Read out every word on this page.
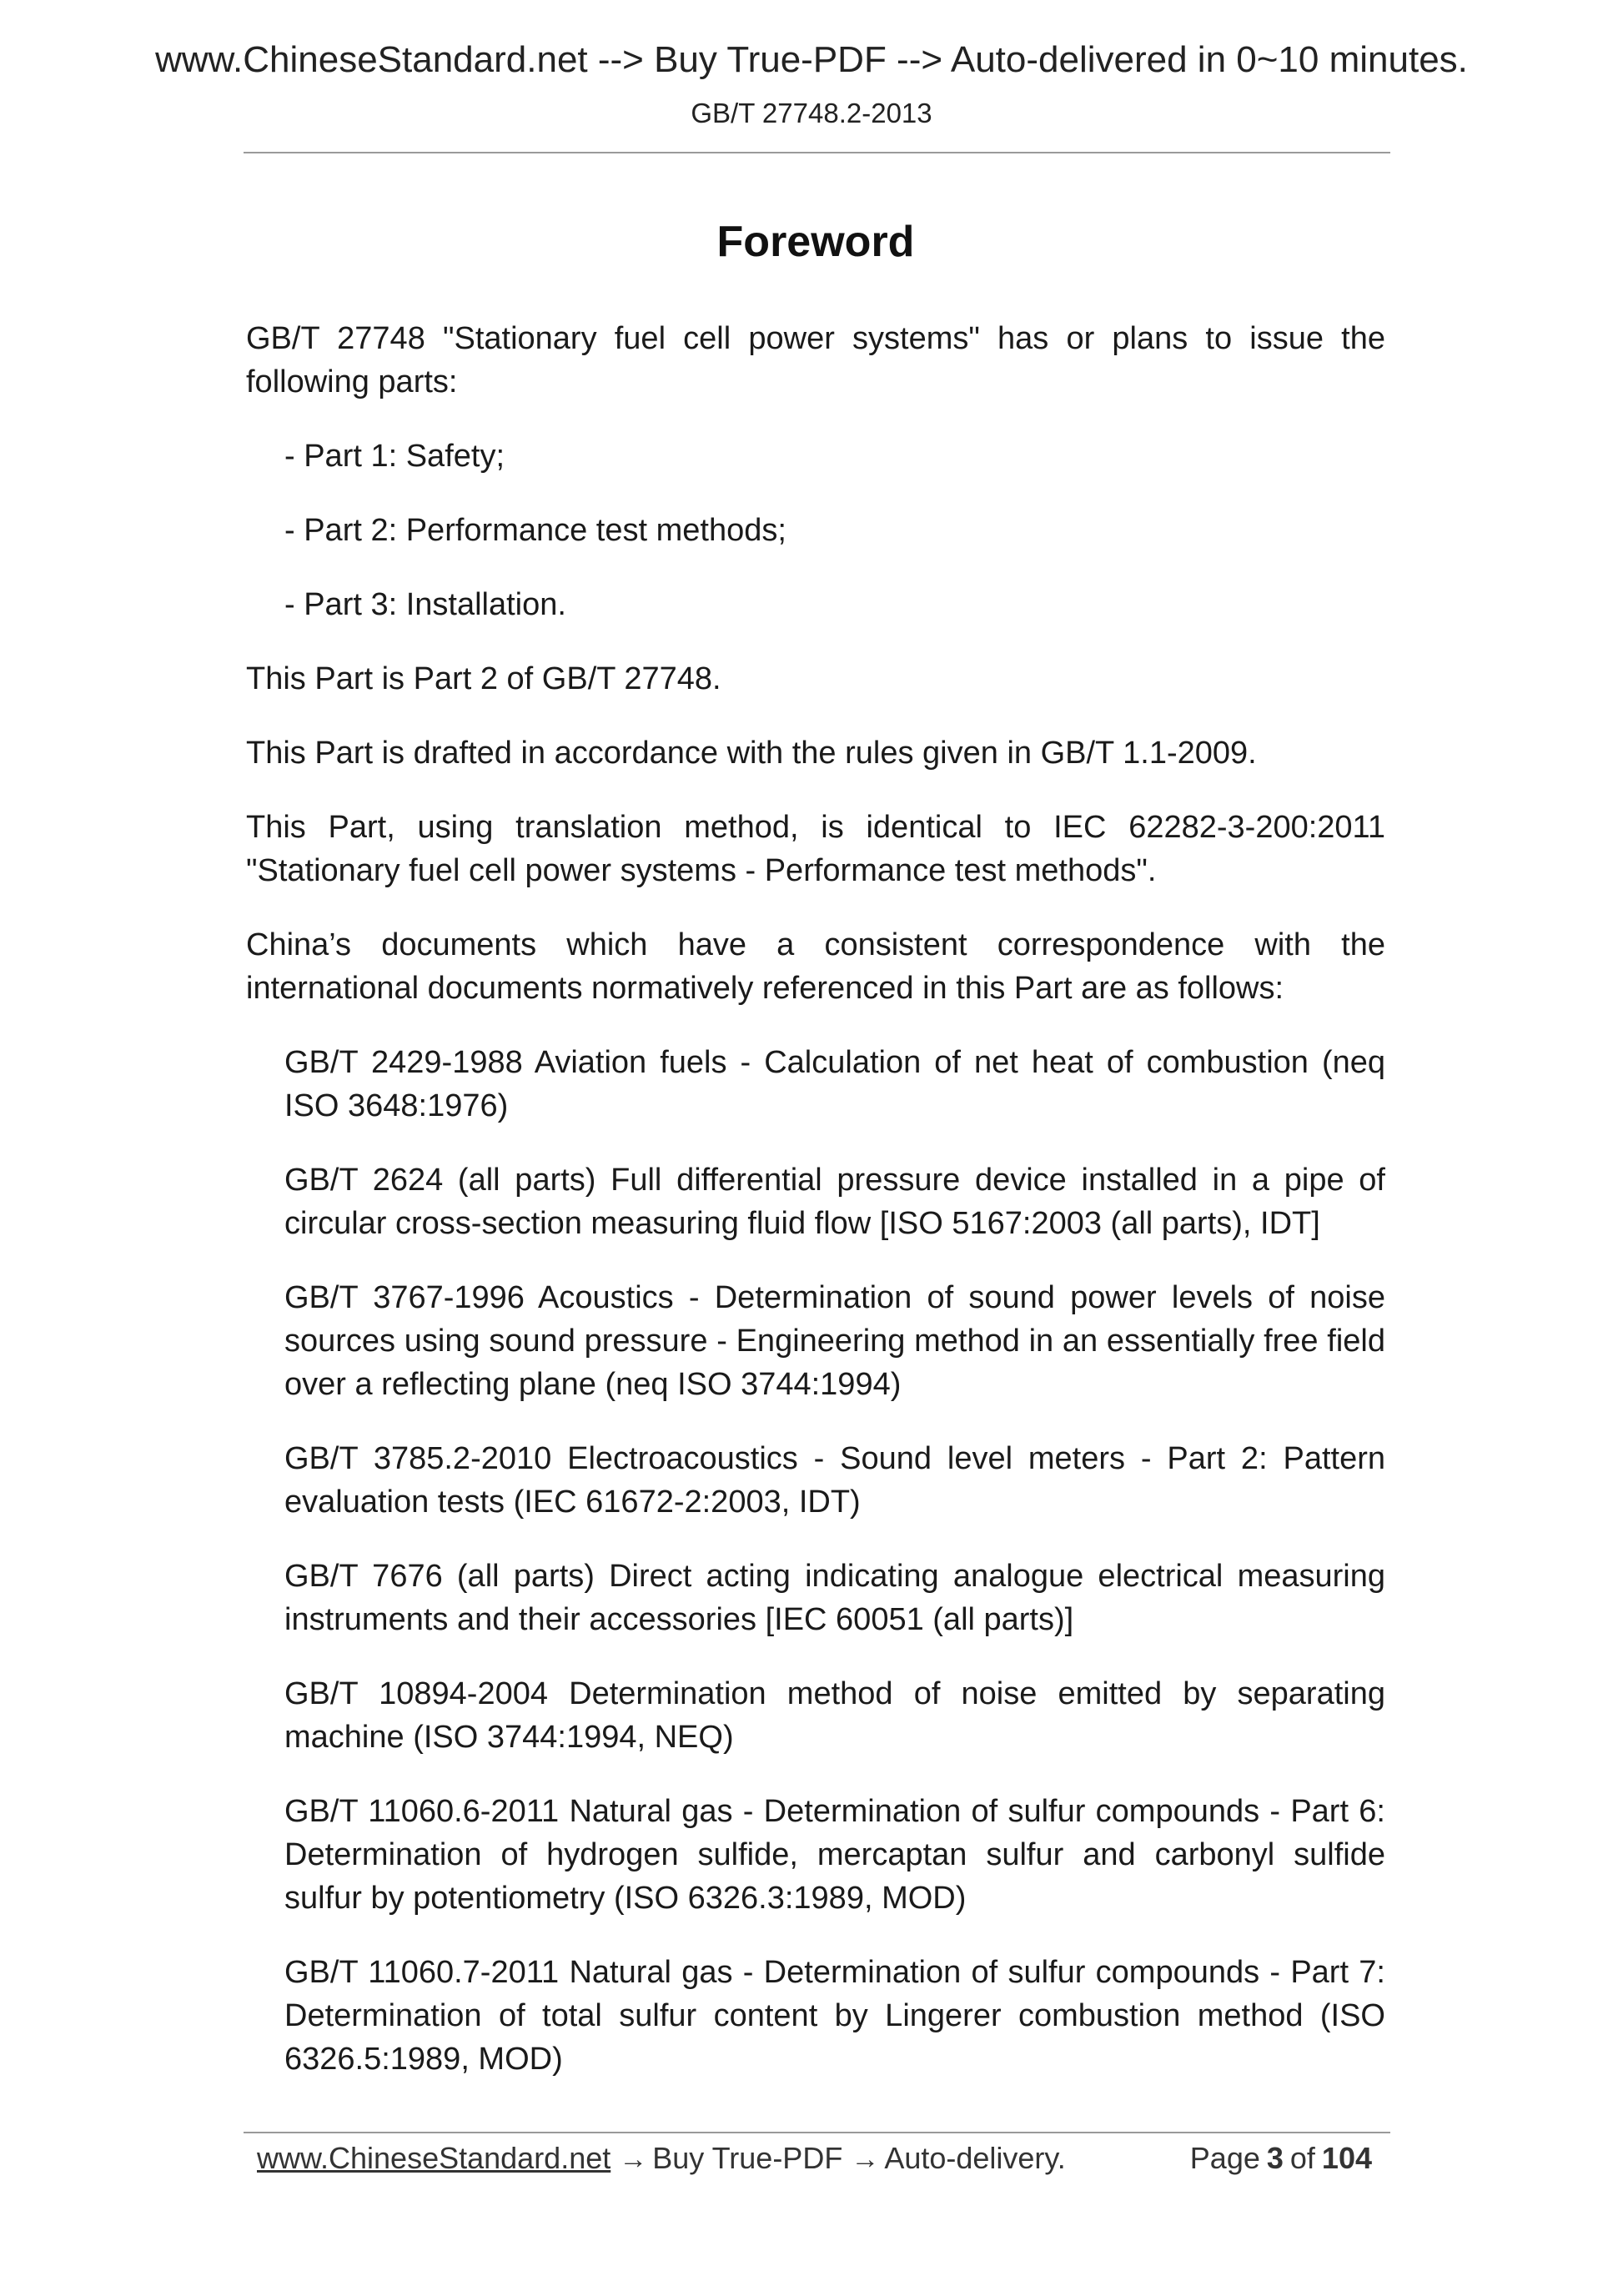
www.ChineseStandard.net --> Buy True-PDF --> Auto-delivered in 0~10 minutes.
GB/T 27748.2-2013
Foreword

GB/T 27748 "Stationary fuel cell power systems" has or plans to issue the following parts:

- Part 1: Safety;

- Part 2: Performance test methods;

- Part 3: Installation.

This Part is Part 2 of GB/T 27748.

This Part is drafted in accordance with the rules given in GB/T 1.1-2009.

This Part, using translation method, is identical to IEC 62282-3-200:2011 "Stationary fuel cell power systems - Performance test methods".

China’s documents which have a consistent correspondence with the international documents normatively referenced in this Part are as follows:

GB/T 2429-1988 Aviation fuels - Calculation of net heat of combustion (neq ISO 3648:1976)

GB/T 2624 (all parts) Full differential pressure device installed in a pipe of circular cross-section measuring fluid flow [ISO 5167:2003 (all parts), IDT]

GB/T 3767-1996 Acoustics - Determination of sound power levels of noise sources using sound pressure - Engineering method in an essentially free field over a reflecting plane (neq ISO 3744:1994)

GB/T 3785.2-2010 Electroacoustics - Sound level meters - Part 2: Pattern evaluation tests (IEC 61672-2:2003, IDT)

GB/T 7676 (all parts) Direct acting indicating analogue electrical measuring instruments and their accessories [IEC 60051 (all parts)]

GB/T 10894-2004 Determination method of noise emitted by separating machine (ISO 3744:1994, NEQ)

GB/T 11060.6-2011 Natural gas - Determination of sulfur compounds - Part 6: Determination of hydrogen sulfide, mercaptan sulfur and carbonyl sulfide sulfur by potentiometry (ISO 6326.3:1989, MOD)

GB/T 11060.7-2011 Natural gas - Determination of sulfur compounds - Part 7: Determination of total sulfur content by Lingerer combustion method (ISO 6326.5:1989, MOD)

www.ChineseStandard.net → Buy True-PDF → Auto-delivery.	Page 3 of 104
